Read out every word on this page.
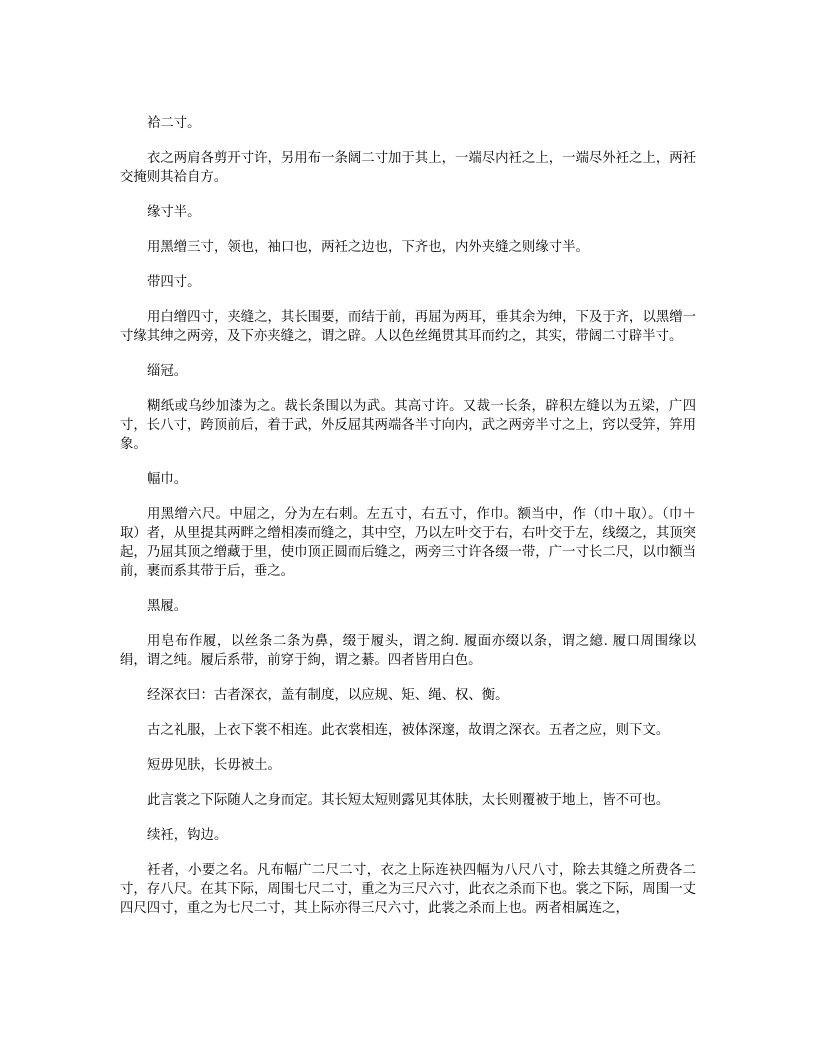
袷二寸。

衣之两肩各剪开寸许，另用布一条阔二寸加于其上，一端尽内衽之上，一端尽外衽之上，两衽交掩则其袷自方。

缘寸半。

用黑缯三寸，领也，袖口也，两衽之边也，下齐也，内外夹缝之则缘寸半。

带四寸。

用白缯四寸，夹缝之，其长围要，而结于前，再屈为两耳，垂其余为绅，下及于齐，以黑缯一寸缘其绅之两旁，及下亦夹缝之，谓之辟。人以色丝绳贯其耳而约之，其实，带阔二寸辟半寸。

缁冠。

糊纸或乌纱加漆为之。裁长条围以为武。其高寸许。又裁一长条，辟积左缝以为五梁，广四寸，长八寸，跨顶前后，着于武，外反屈其两端各半寸向内，武之两旁半寸之上，窍以受笄，笄用象。

幅巾。

用黑缯六尺。中屈之，分为左右刺。左五寸，右五寸，作巾。额当中，作（巾＋取）。（巾＋取）者，从里提其两畔之缯相凑而缝之，其中空，乃以左叶交于右，右叶交于左，线缀之，其顶突起，乃屈其顶之缯藏于里，使巾顶正圆而后缝之，两旁三寸许各缀一带，广一寸长二尺，以巾额当前，裹而系其带于后，垂之。

黑履。

用皂布作履，以丝条二条为鼻，缀于履头，谓之絇. 履面亦缀以条，谓之繶. 履口周围缘以绢，谓之纯。履后系带，前穿于絇，谓之綦。四者皆用白色。

经深衣曰：古者深衣，盖有制度，以应规、矩、绳、权、衡。

古之礼服，上衣下裳不相连。此衣裳相连，被体深邃，故谓之深衣。五者之应，则下文。

短毋见肤，长毋被土。

此言裳之下际随人之身而定。其长短太短则露见其体肤，太长则覆被于地上，皆不可也。

续衽，钩边。

衽者，小要之名。凡布幅广二尺二寸，衣之上际连袂四幅为八尺八寸，除去其缝之所费各二寸，存八尺。在其下际，周围七尺二寸，重之为三尺六寸，此衣之杀而下也。裳之下际，周围一丈四尺四寸，重之为七尺二寸，其上际亦得三尺六寸，此裳之杀而上也。两者相属连之，
